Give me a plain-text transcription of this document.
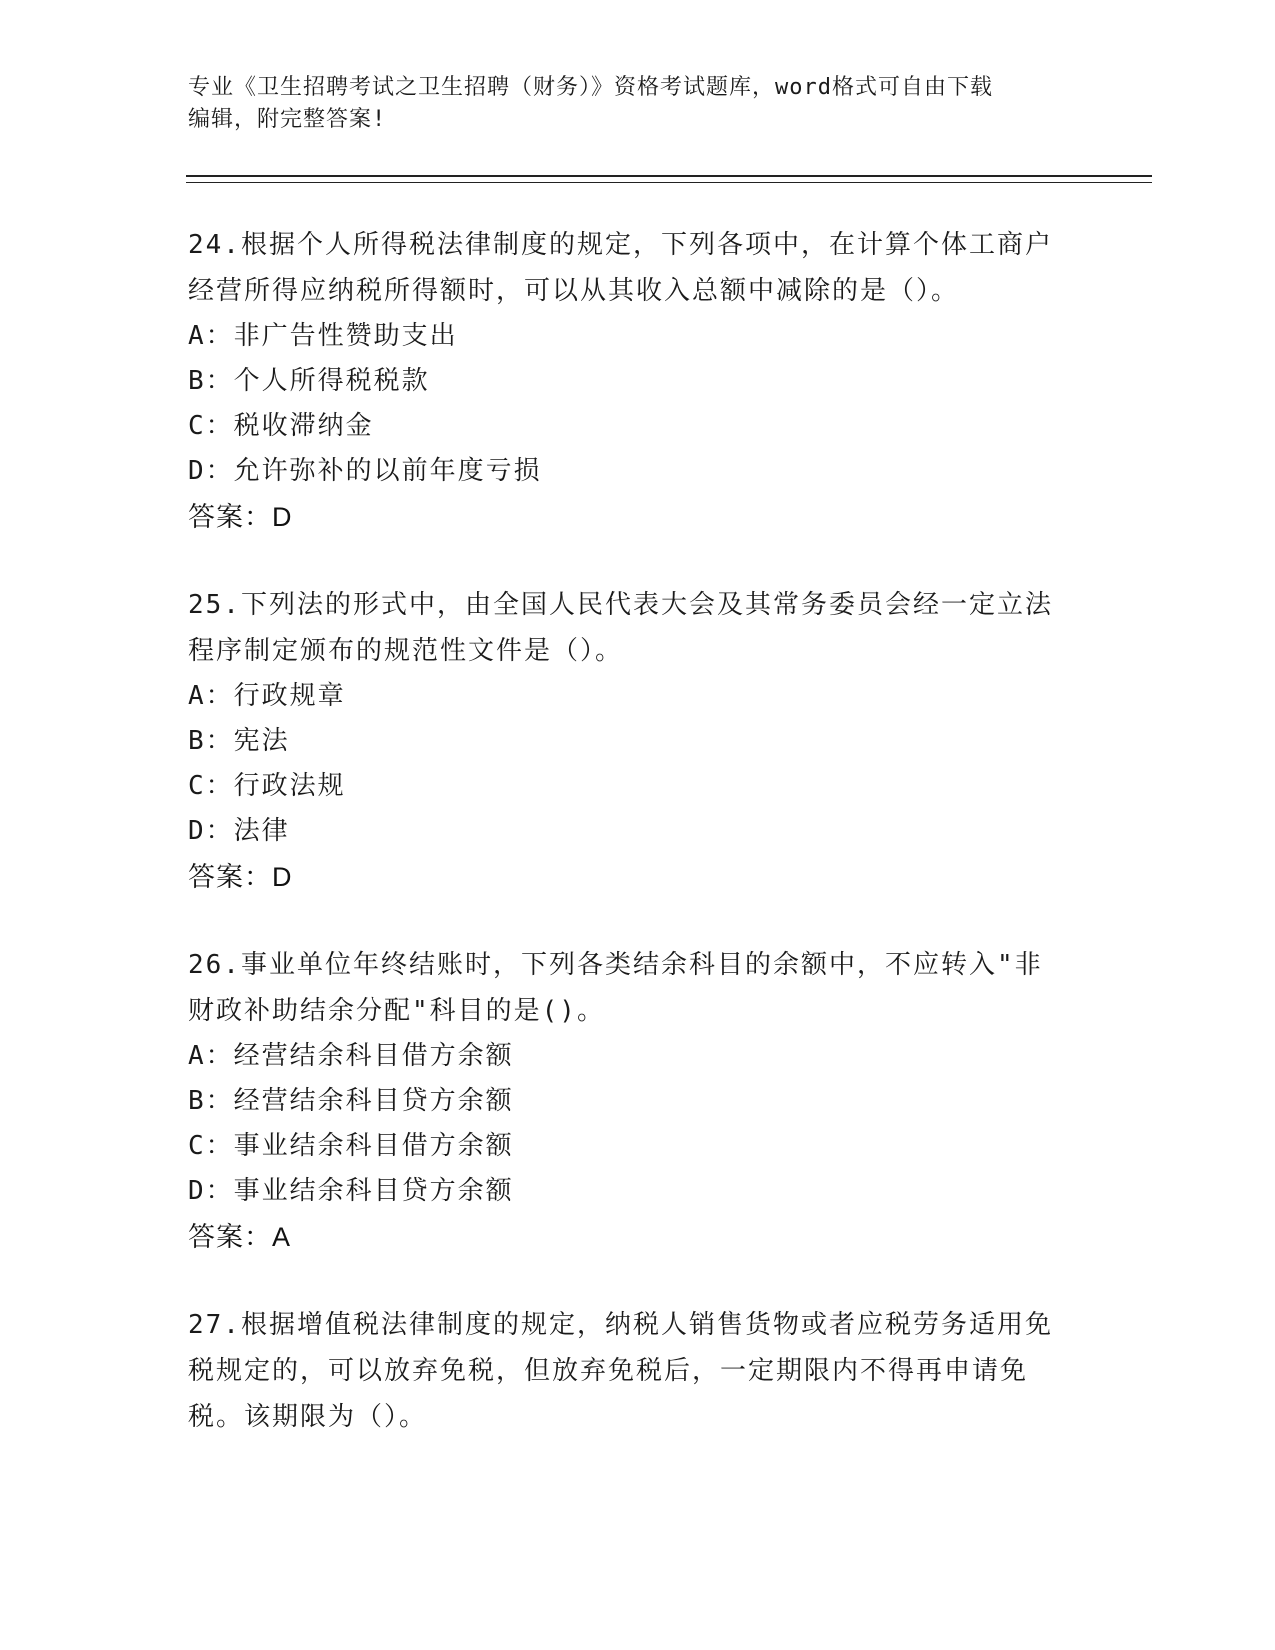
专业《卫生招聘考试之卫生招聘（财务）》资格考试题库，word格式可自由下载
编辑，附完整答案!
24.根据个人所得税法律制度的规定，下列各项中，在计算个体工商户
经营所得应纳税所得额时，可以从其收入总额中减除的是（）。
A：非广告性赞助支出
B：个人所得税税款
C：税收滞纳金
D：允许弥补的以前年度亏损
答案：D
25.下列法的形式中，由全国人民代表大会及其常务委员会经一定立法
程序制定颁布的规范性文件是（）。
A：行政规章
B：宪法
C：行政法规
D：法律
答案：D
26.事业单位年终结账时，下列各类结余科目的余额中，不应转入"非
财政补助结余分配"科目的是()。
A：经营结余科目借方余额
B：经营结余科目贷方余额
C：事业结余科目借方余额
D：事业结余科目贷方余额
答案：A
27.根据增值税法律制度的规定，纳税人销售货物或者应税劳务适用免
税规定的，可以放弃免税，但放弃免税后，一定期限内不得再申请免
税。该期限为（）。
